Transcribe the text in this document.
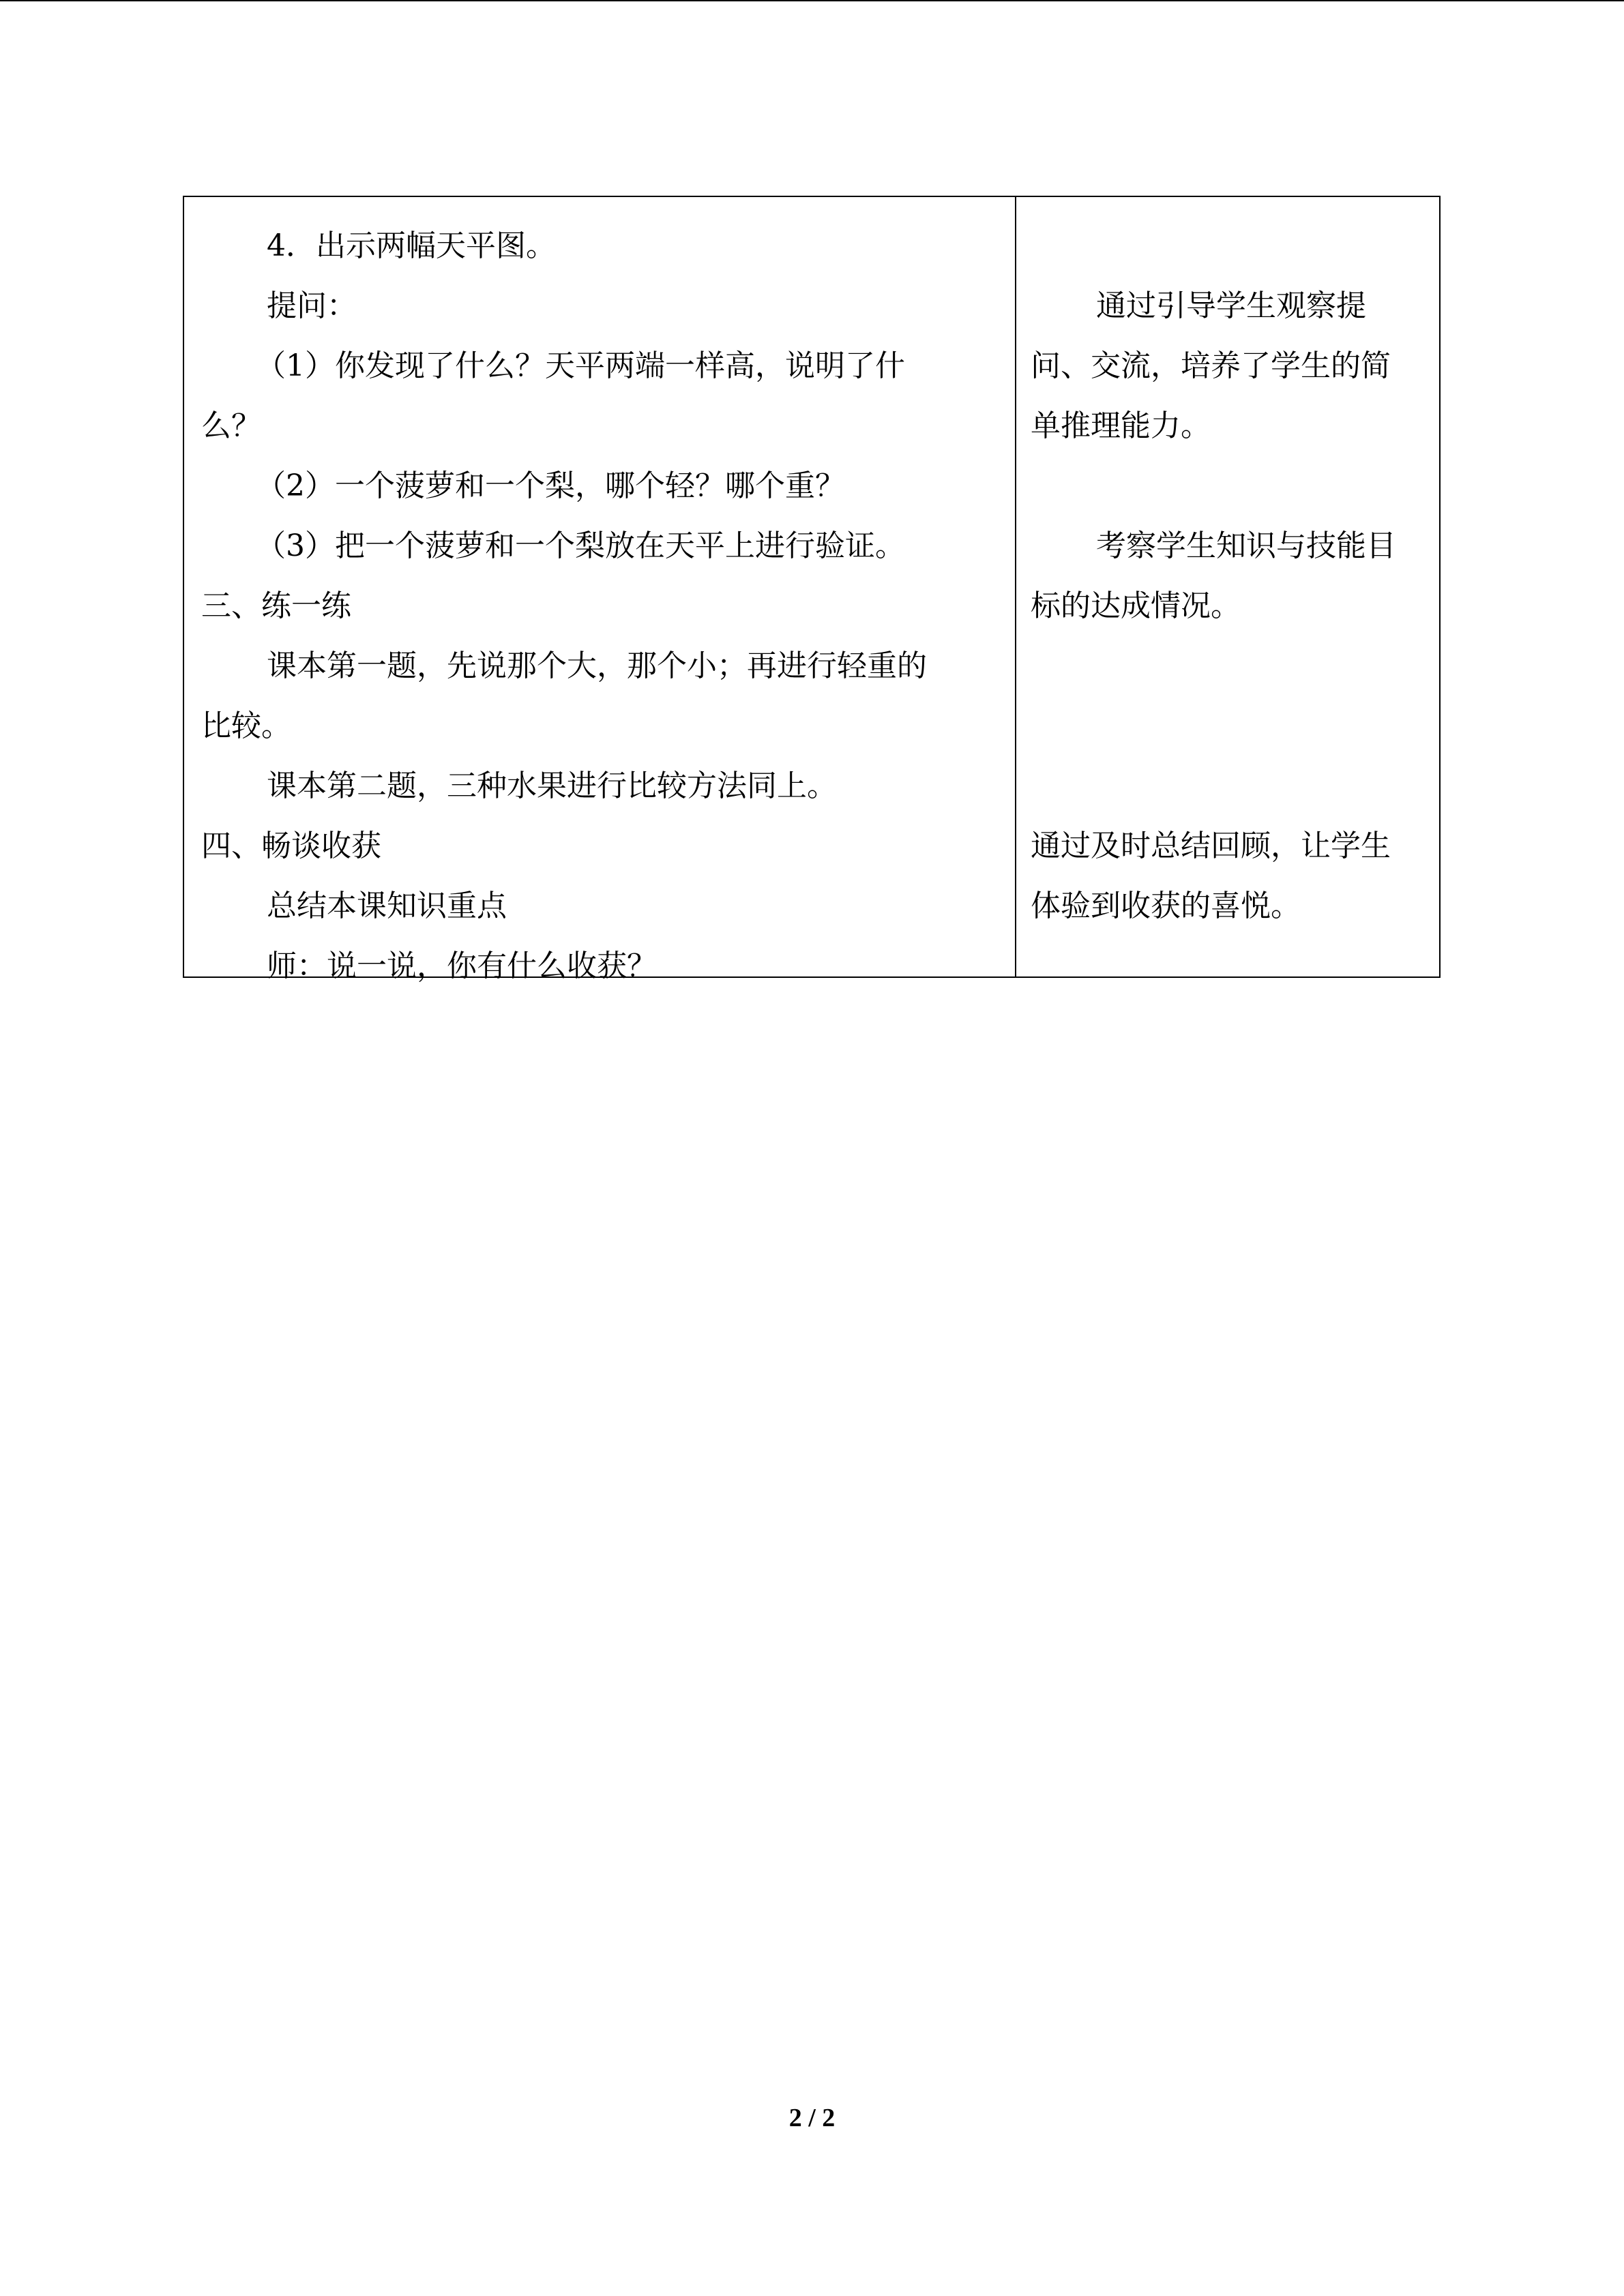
4．出示两幅天平图。
提问：
（1）你发现了什么？天平两端一样高，说明了什
么？
（2）一个菠萝和一个梨，哪个轻？哪个重？
（3）把一个菠萝和一个梨放在天平上进行验证。
三、练一练
课本第一题，先说那个大，那个小；再进行轻重的
比较。
课本第二题，三种水果进行比较方法同上。
四、畅谈收获
总结本课知识重点
师：说一说，你有什么收获？
通过引导学生观察提
问、交流，培养了学生的简
单推理能力。
考察学生知识与技能目
标的达成情况。
通过及时总结回顾，让学生
体验到收获的喜悦。
2 / 2
